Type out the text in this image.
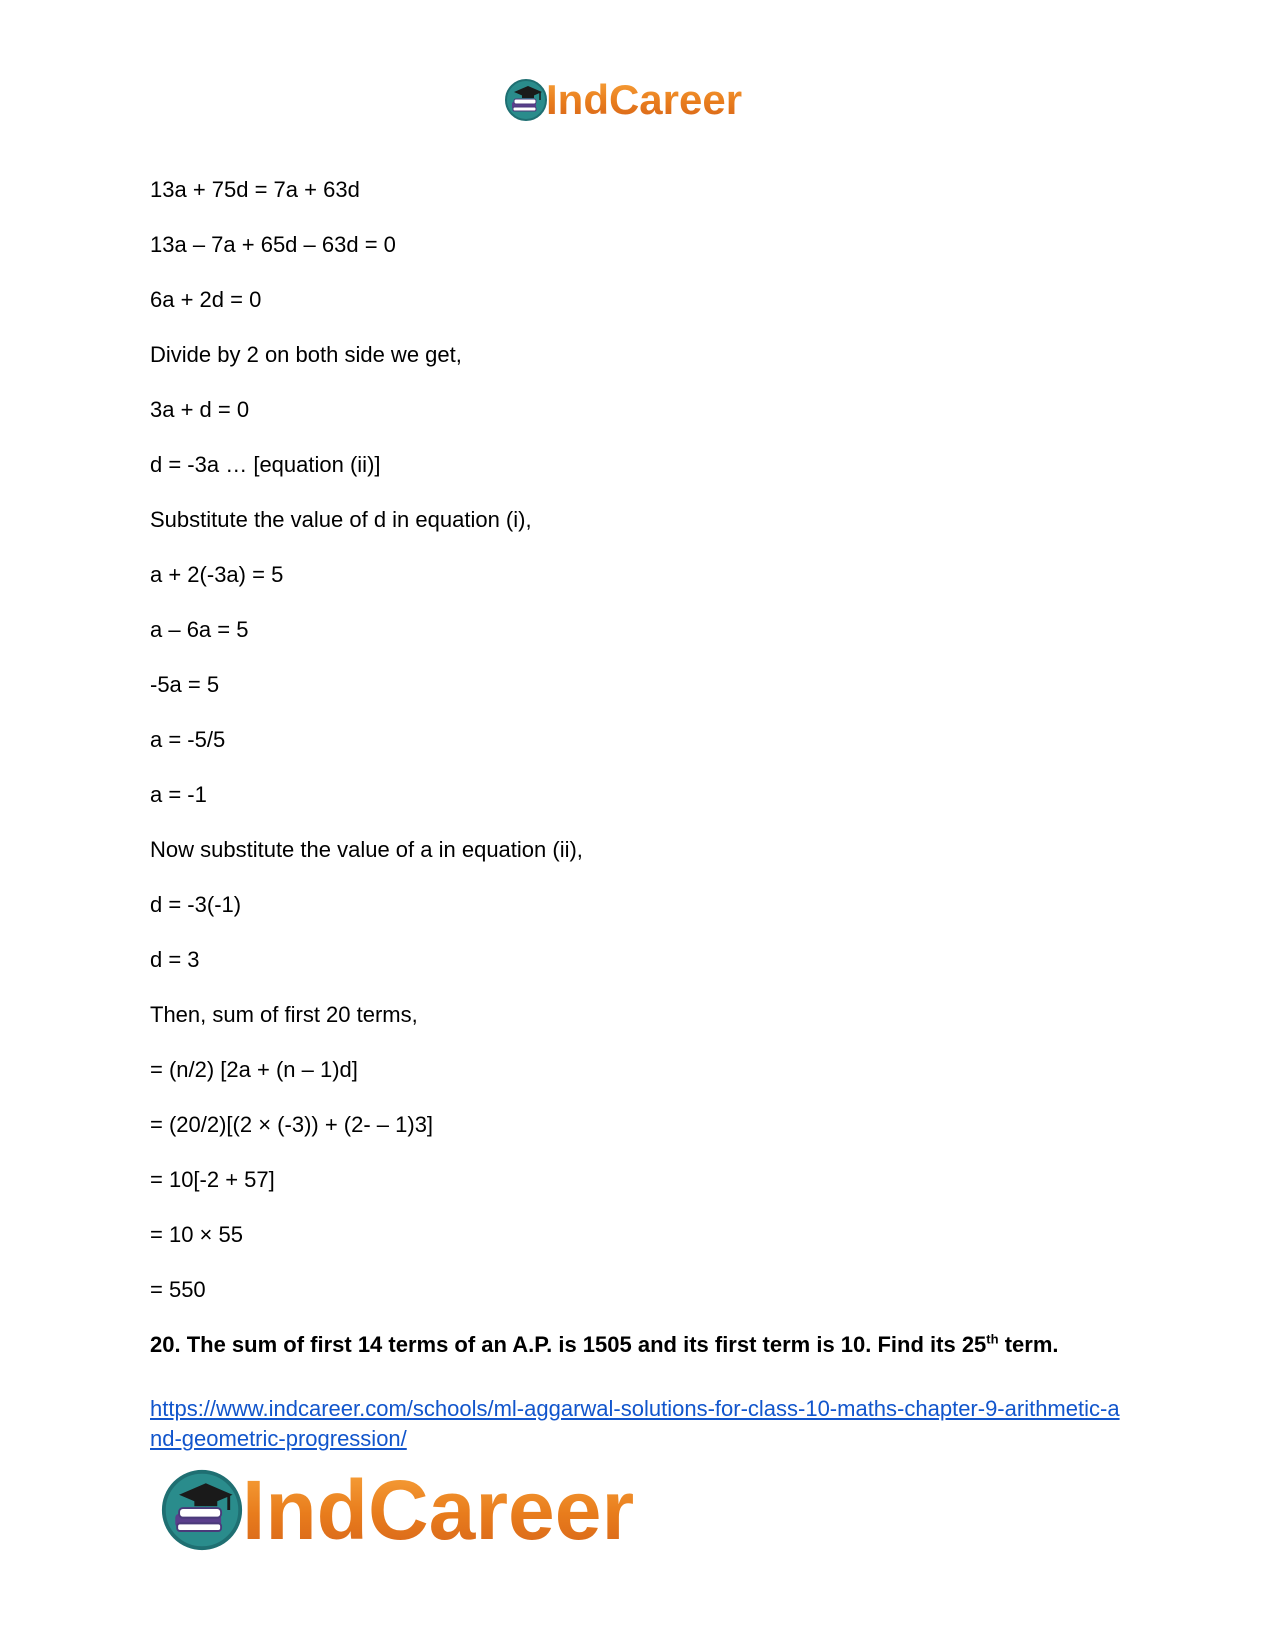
IndCareer
13a + 75d = 7a + 63d
13a – 7a + 65d – 63d = 0
6a + 2d = 0
Divide by 2 on both side we get,
3a + d = 0
d = -3a … [equation (ii)]
Substitute the value of d in equation (i),
a + 2(-3a) = 5
a – 6a = 5
-5a = 5
a = -5/5
a = -1
Now substitute the value of a in equation (ii),
d = -3(-1)
d = 3
Then, sum of first 20 terms,
= (n/2) [2a + (n – 1)d]
= (20/2)[(2 × (-3)) + (2- – 1)3]
= 10[-2 + 57]
= 10 × 55
= 550
20. The sum of first 14 terms of an A.P. is 1505 and its first term is 10. Find its 25th term.
https://www.indcareer.com/schools/ml-aggarwal-solutions-for-class-10-maths-chapter-9-arithmetic-and-geometric-progression/
IndCareer
